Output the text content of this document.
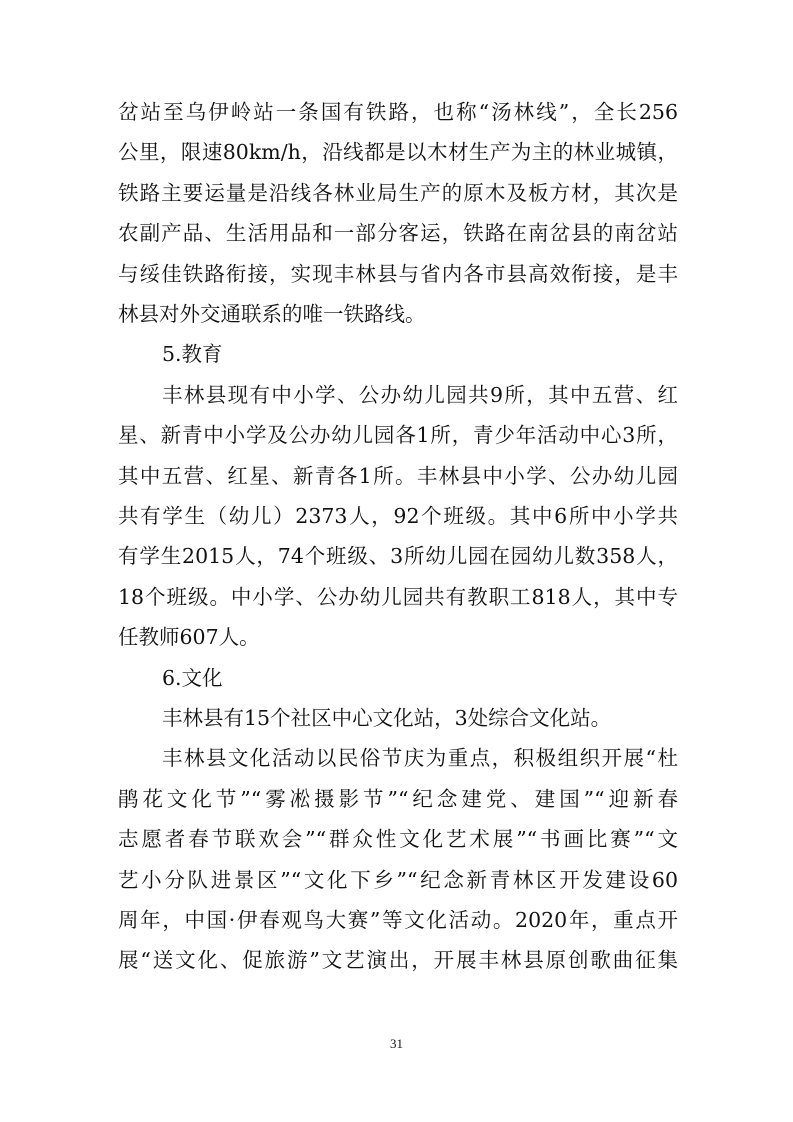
岔站至乌伊岭站一条国有铁路，也称“汤林线”，全长256
公里，限速80km/h，沿线都是以木材生产为主的林业城镇，
铁路主要运量是沿线各林业局生产的原木及板方材，其次是
农副产品、生活用品和一部分客运，铁路在南岔县的南岔站
与绥佳铁路衔接，实现丰林县与省内各市县高效衔接，是丰
林县对外交通联系的唯一铁路线。
5.教育
丰林县现有中小学、公办幼儿园共9所，其中五营、红
星、新青中小学及公办幼儿园各1所，青少年活动中心3所，
其中五营、红星、新青各1所。丰林县中小学、公办幼儿园
共有学生（幼儿）2373人，92个班级。其中6所中小学共
有学生2015人，74个班级、3所幼儿园在园幼儿数358人，
18个班级。中小学、公办幼儿园共有教职工818人，其中专
任教师607人。
6.文化
丰林县有15个社区中心文化站，3处综合文化站。
丰林县文化活动以民俗节庆为重点，积极组织开展“杜
鹃花文化节”“雾凇摄影节”“纪念建党、建国”“迎新春
志愿者春节联欢会”“群众性文化艺术展”“书画比赛”“文
艺小分队进景区”“文化下乡”“纪念新青林区开发建设60
周年，中国·伊春观鸟大赛”等文化活动。2020年，重点开
展“送文化、促旅游”文艺演出，开展丰林县原创歌曲征集
31
